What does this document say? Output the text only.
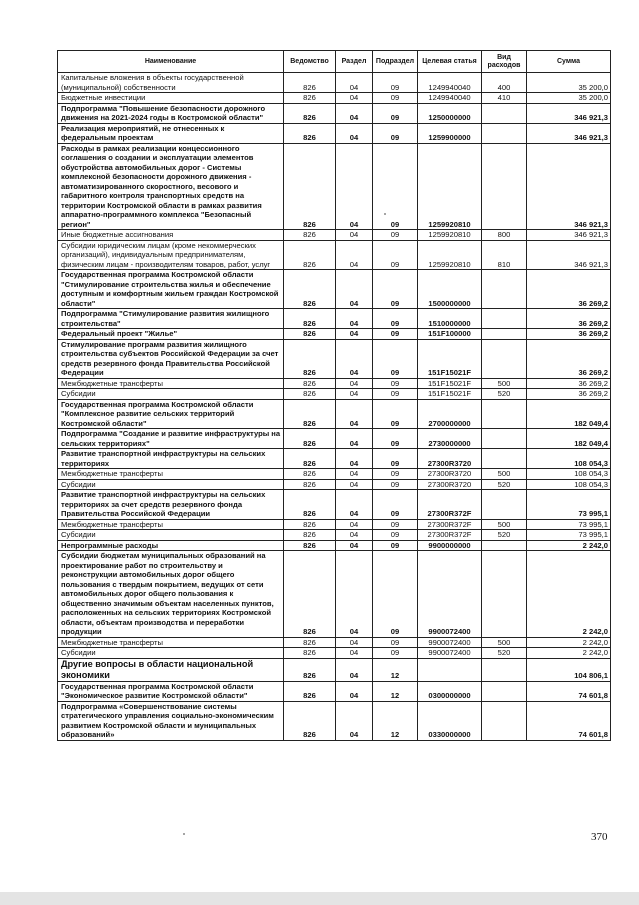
Наименование	Ведомство	Раздел	Подраздел	Целевая статья	Вид расходов	Сумма
Капитальные вложения в объекты государственной (муниципальной) собственности	826	04	09	1249940040	400	35 200,0
Бюджетные инвестиции	826	04	09	1249940040	410	35 200,0
Подпрограмма "Повышение безопасности дорожного движения на 2021-2024 годы в Костромской области"	826	04	09	1250000000		346 921,3
Реализация мероприятий, не отнесенных к федеральным проектам	826	04	09	1259900000		346 921,3
Расходы в рамках реализации концессионного соглашения о создании и эксплуатации элементов обустройства автомобильных дорог - Системы комплексной безопасности дорожного движения - автоматизированного скоростного, весового и габаритного контроля транспортных средств на территории Костромской области в рамках развития аппаратно-программного комплекса "Безопасный регион"	826	04	09	1259920810		346 921,3
Иные бюджетные ассигнования	826	04	09	1259920810	800	346 921,3
Субсидии юридическим лицам (кроме некоммерческих организаций), индивидуальным предпринимателям, физическим лицам - производителям товаров, работ, услуг	826	04	09	1259920810	810	346 921,3
Государственная программа Костромской области "Стимулирование строительства жилья и обеспечение доступным и комфортным жильем граждан Костромской области"	826	04	09	1500000000		36 269,2
Подпрограмма "Стимулирование развития жилищного строительства"	826	04	09	1510000000		36 269,2
Федеральный проект "Жилье"	826	04	09	151F100000		36 269,2
Стимулирование программ развития жилищного строительства субъектов Российской Федерации за счет средств резервного фонда Правительства Российской Федерации	826	04	09	151F15021F		36 269,2
Межбюджетные трансферты	826	04	09	151F15021F	500	36 269,2
Субсидии	826	04	09	151F15021F	520	36 269,2
Государственная программа Костромской области "Комплексное развитие сельских территорий Костромской области"	826	04	09	2700000000		182 049,4
Подпрограмма "Создание и развитие инфраструктуры на сельских территориях"	826	04	09	2730000000		182 049,4
Развитие транспортной инфраструктуры на сельских территориях	826	04	09	27300R3720		108 054,3
Межбюджетные трансферты	826	04	09	27300R3720	500	108 054,3
Субсидии	826	04	09	27300R3720	520	108 054,3
Развитие транспортной инфраструктуры на сельских территориях за счет средств резервного фонда Правительства Российской Федерации	826	04	09	27300R372F		73 995,1
Межбюджетные трансферты	826	04	09	27300R372F	500	73 995,1
Субсидии	826	04	09	27300R372F	520	73 995,1
Непрограммные расходы	826	04	09	9900000000		2 242,0
Субсидии бюджетам муниципальных образований на проектирование работ по строительству и реконструкции автомобильных дорог общего пользования с твердым покрытием, ведущих от сети автомобильных дорог общего пользования к общественно значимым объектам населенных пунктов, расположенных на сельских территориях Костромской области, объектам производства и переработки продукции	826	04	09	9900072400		2 242,0
Межбюджетные трансферты	826	04	09	9900072400	500	2 242,0
Субсидии	826	04	09	9900072400	520	2 242,0
Другие вопросы в области национальной экономики	826	04	12			104 806,1
Государственная программа Костромской области "Экономическое развитие Костромской области"	826	04	12	0300000000		74 601,8
Подпрограмма «Совершенствование системы стратегического управления социально-экономическим развитием Костромской области и муниципальных образований»	826	04	12	0330000000		74 601,8
370
